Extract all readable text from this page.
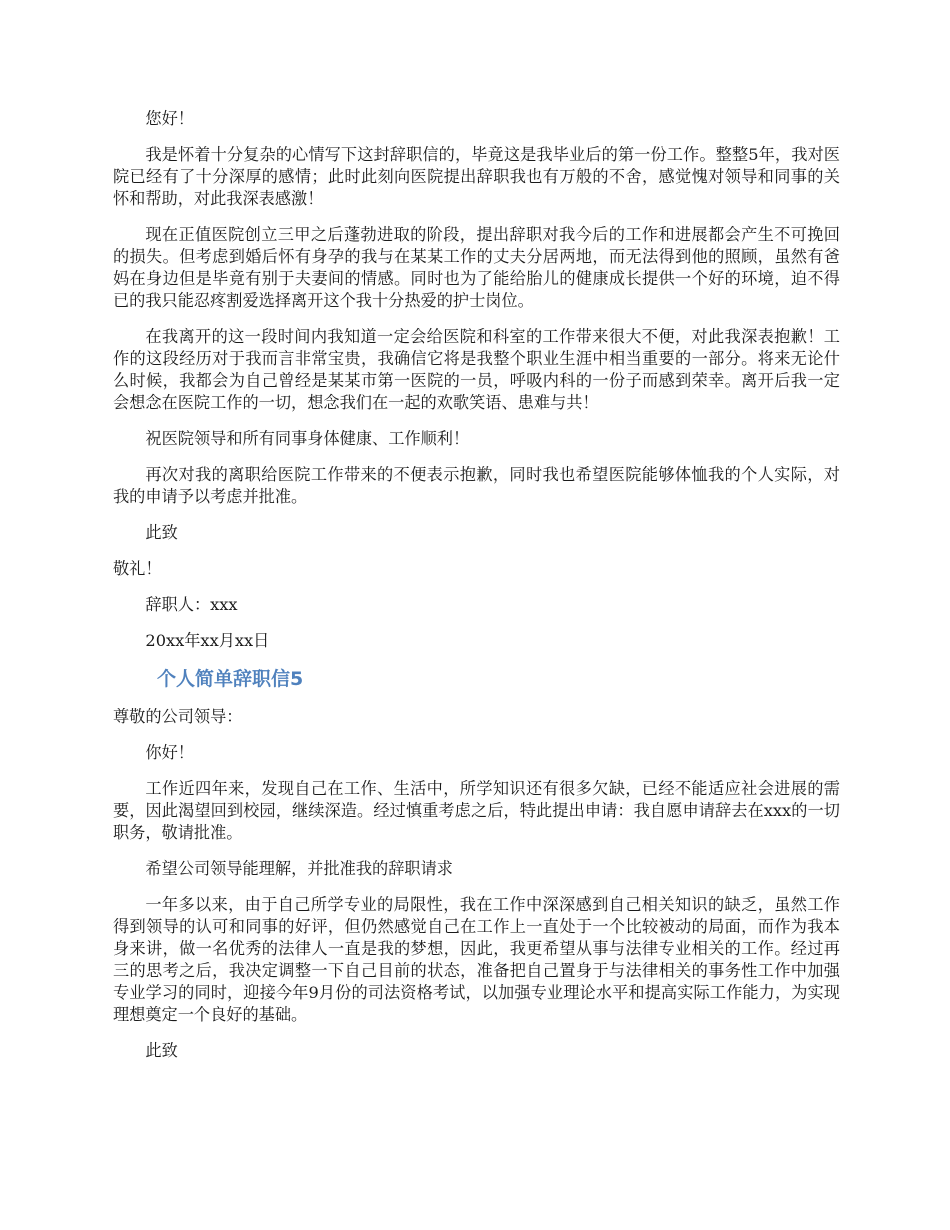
您好！

我是怀着十分复杂的心情写下这封辞职信的，毕竟这是我毕业后的第一份工作。整整5年，我对医院已经有了十分深厚的感情；此时此刻向医院提出辞职我也有万般的不舍，感觉愧对领导和同事的关怀和帮助，对此我深表感激！

现在正值医院创立三甲之后蓬勃进取的阶段，提出辞职对我今后的工作和进展都会产生不可挽回的损失。但考虑到婚后怀有身孕的我与在某某工作的丈夫分居两地，而无法得到他的照顾，虽然有爸妈在身边但是毕竟有别于夫妻间的情感。同时也为了能给胎儿的健康成长提供一个好的环境，迫不得已的我只能忍疼割爱选择离开这个我十分热爱的护士岗位。

在我离开的这一段时间内我知道一定会给医院和科室的工作带来很大不便，对此我深表抱歉！工作的这段经历对于我而言非常宝贵，我确信它将是我整个职业生涯中相当重要的一部分。将来无论什么时候，我都会为自己曾经是某某市第一医院的一员，呼吸内科的一份子而感到荣幸。离开后我一定会想念在医院工作的一切，想念我们在一起的欢歌笑语、患难与共！

祝医院领导和所有同事身体健康、工作顺利！

再次对我的离职给医院工作带来的不便表示抱歉，同时我也希望医院能够体恤我的个人实际，对我的申请予以考虑并批准。

此致

敬礼！

辞职人：xxx

20xx年xx月xx日

个人简单辞职信5

尊敬的公司领导：

你好！

工作近四年来，发现自己在工作、生活中，所学知识还有很多欠缺，已经不能适应社会进展的需要，因此渴望回到校园，继续深造。经过慎重考虑之后，特此提出申请：我自愿申请辞去在xxx的一切职务，敬请批准。

希望公司领导能理解，并批准我的辞职请求

一年多以来，由于自己所学专业的局限性，我在工作中深深感到自己相关知识的缺乏，虽然工作得到领导的认可和同事的好评，但仍然感觉自己在工作上一直处于一个比较被动的局面，而作为我本身来讲，做一名优秀的法律人一直是我的梦想，因此，我更希望从事与法律专业相关的工作。经过再三的思考之后，我决定调整一下自己目前的状态，准备把自己置身于与法律相关的事务性工作中加强专业学习的同时，迎接今年9月份的司法资格考试，以加强专业理论水平和提高实际工作能力，为实现理想奠定一个良好的基础。

此致
